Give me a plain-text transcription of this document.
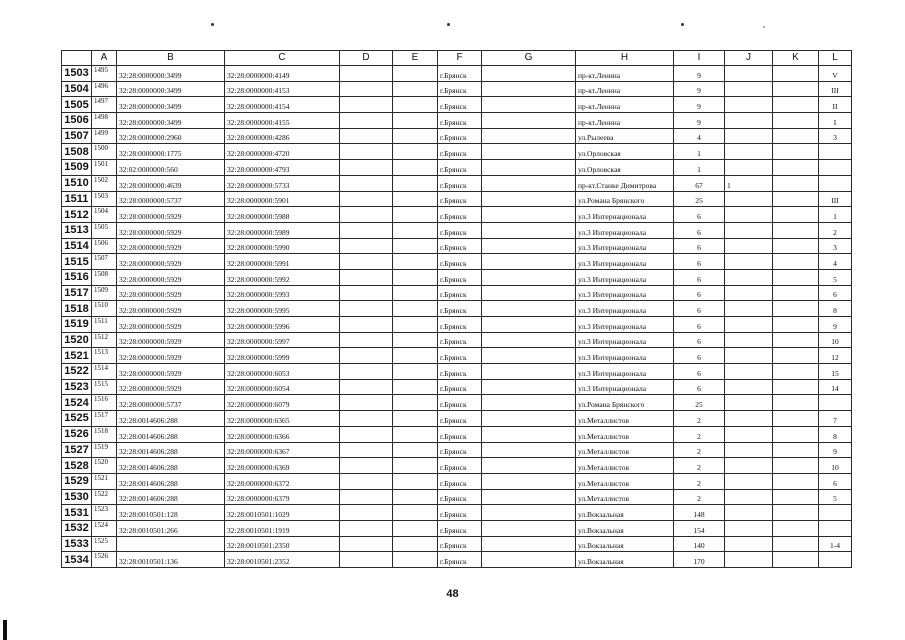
	A	B	C	D	E	F	G	H	I	J	K	L
1503	1495	32:28:0000000:3499	32:28:0000000:4149			г.Брянск		пр-кт.Ленина	9			V
1504	1496	32:28:0000000:3499	32:28:0000000:4153			г.Брянск		пр-кт.Ленина	9			III
1505	1497	32:28:0000000:3499	32:28:0000000:4154			г.Брянск		пр-кт.Ленина	9			II
1506	1498	32:28:0000000:3499	32:28:0000000:4155			г.Брянск		пр-кт.Ленина	9			I
1507	1499	32:28:0000000:2960	32:28:0000000:4286			г.Брянск		ул.Рылеева	4			3
1508	1500	32:28:0000000:1775	32:28:0000000:4720			г.Брянск		ул.Орловская	1			
1509	1501	32:02:0000000:560	32:28:0000000:4793			г.Брянск		ул.Орловская	1			
1510	1502	32:28:0000000:4639	32:28:0000000:5733			г.Брянск		пр-кт.Станке Димитрова	67	1		
1511	1503	32:28:0000000:5737	32:28:0000000:5901			г.Брянск		ул.Романа Брянского	25			III
1512	1504	32:28:0000000:5929	32:28:0000000:5988			г.Брянск		ул.3 Интернационала	6			1
1513	1505	32:28:0000000:5929	32:28:0000000:5989			г.Брянск		ул.3 Интернационала	6			2
1514	1506	32:28:0000000:5929	32:28:0000000:5990			г.Брянск		ул.3 Интернационала	6			3
1515	1507	32:28:0000000:5929	32:28:0000000:5991			г.Брянск		ул.3 Интернационала	6			4
1516	1508	32:28:0000000:5929	32:28:0000000:5992			г.Брянск		ул.3 Интернационала	6			5
1517	1509	32:28:0000000:5929	32:28:0000000:5993			г.Брянск		ул.3 Интернационала	6			6
1518	1510	32:28:0000000:5929	32:28:0000000:5995			г.Брянск		ул.3 Интернационала	6			8
1519	1511	32:28:0000000:5929	32:28:0000000:5996			г.Брянск		ул.3 Интернационала	6			9
1520	1512	32:28:0000000:5929	32:28:0000000:5997			г.Брянск		ул.3 Интернационала	6			10
1521	1513	32:28:0000000:5929	32:28:0000000:5999			г.Брянск		ул.3 Интернационала	6			12
1522	1514	32:28:0000000:5929	32:28:0000000:6053			г.Брянск		ул.3 Интернационала	6			15
1523	1515	32:28:0000000:5929	32:28:0000000:6054			г.Брянск		ул.3 Интернационала	6			14
1524	1516	32:28:0000000:5737	32:28:0000000:6079			г.Брянск		ул.Романа Брянского	25			
1525	1517	32:28:0014606:288	32:28:0000000:6365			г.Брянск		ул.Металлистов	2			7
1526	1518	32:28:0014606:288	32:28:0000000:6366			г.Брянск		ул.Металлистов	2			8
1527	1519	32:28:0014606:288	32:28:0000000:6367			г.Брянск		ул.Металлистов	2			9
1528	1520	32:28:0014606:288	32:28:0000000:6369			г.Брянск		ул.Металлистов	2			10
1529	1521	32:28:0014606:288	32:28:0000000:6372			г.Брянск		ул.Металлистов	2			6
1530	1522	32:28:0014606:288	32:28:0000000:6379			г.Брянск		ул.Металлистов	2			5
1531	1523	32:28:0010501:128	32:28:0010501:1029			г.Брянск		ул.Вокзальная	148			
1532	1524	32:28:0010501:266	32:28:0010501:1919			г.Брянск		ул.Вокзальная	154			
1533	1525		32:28:0010501:2350			г.Брянск		ул.Вокзальная	140			1-4
1534	1526	32:28:0010501:136	32:28:0010501:2352			г.Брянск		ул.Вокзальная	170			
48
